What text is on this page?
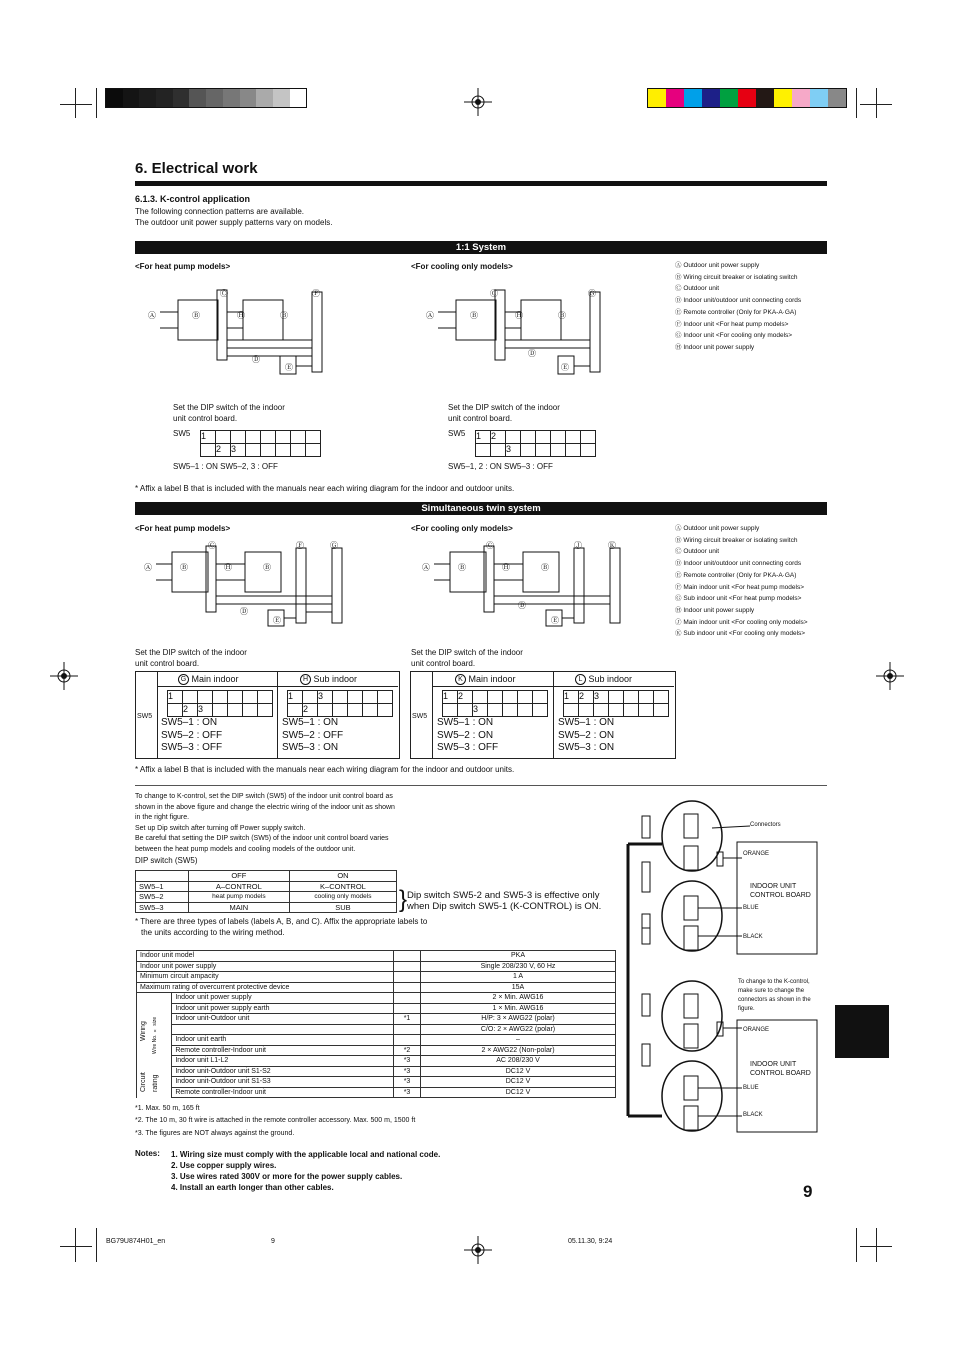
6. Electrical work
6.1.3. K-control application
The following connection patterns are available.
The outdoor unit power supply patterns vary on models.
1:1 System
<For heat pump models>	<For cooling only models>	Ⓐ Outdoor unit power supply
Ⓑ Wiring circuit breaker or isolating switch
Ⓒ Outdoor unit
Ⓓ Indoor unit/outdoor unit connecting cords
Ⓔ Remote controller (Only for PKA-A·GA)
Ⓕ Indoor unit <For heat pump models>
Ⓖ Indoor unit <For cooling only models>
Ⓗ Indoor unit power supply
Ⓐ	Ⓑ
Ⓒ
Ⓗ	Ⓑ
Ⓕ
Ⓓ
Ⓔ
Ⓐ	Ⓑ
Ⓒ
Ⓗ	Ⓑ
Ⓖ
Ⓓ
Ⓔ
Set the DIP switch of the indoor
unit control board.
SW5 1							
	2	3					
SW5–1 : ON SW5–2, 3 : OFF
Set the DIP switch of the indoor
unit control board.
SW5 1	2						
		3					
SW5–1, 2 : ON SW5–3 : OFF
* Affix a label B that is included with the manuals near each wiring diagram for the indoor and outdoor units.
Simultaneous twin system
<For heat pump models>	<For cooling only models>	Ⓐ Outdoor unit power supply
Ⓑ Wiring circuit breaker or isolating switch
Ⓒ Outdoor unit
Ⓓ Indoor unit/outdoor unit connecting cords
Ⓔ Remote controller (Only for PKA-A·GA)
Ⓕ Main indoor unit <For heat pump models>
Ⓖ Sub indoor unit <For heat pump models>
Ⓗ Indoor unit power supply
Ⓙ Main indoor unit <For cooling only models>
Ⓚ Sub indoor unit <For cooling only models>
Ⓐ	Ⓑ
Ⓒ
Ⓗ	Ⓑ
Ⓕ	Ⓖ
Ⓓ
Ⓔ
Ⓐ	Ⓑ
Ⓒ
Ⓗ	Ⓑ
Ⓙ	Ⓚ
Ⓓ
Ⓔ
Set the DIP switch of the indoor
unit control board.
Set the DIP switch of the indoor
unit control board.
SW5
G Main indoor	H Sub indoor
1						
	2	3				
1		3				
	2					
SW5–1 : ON
SW5–2 : OFF
SW5–3 : OFF
SW5–1 : ON
SW5–2 : OFF
SW5–3 : ON
SW5
K Main indoor	L Sub indoor
1	2					
		3				
1	2	3				

SW5–1 : ON
SW5–2 : ON
SW5–3 : OFF
SW5–1 : ON
SW5–2 : ON
SW5–3 : ON
* Affix a label B that is included with the manuals near each wiring diagram for the indoor and outdoor units.
To change to K-control, set the DIP switch (SW5) of the indoor unit control board as
shown in the above figure and change the electric wiring of the indoor unit as shown
in the right figure.
Set up Dip switch after turning off Power supply switch.
Be careful that setting the DIP switch (SW5) of the indoor unit control board varies
between the heat pump models and cooling models of the outdoor unit.
DIP switch (SW5)
	OFF	ON
SW5–1	A–CONTROL	K–CONTROL
SW5–2	heat pump models	cooling only models
SW5–3	MAIN	SUB } Dip switch SW5-2 and SW5-3 is effective only
when Dip switch SW5-1 (K-CONTROL) is ON.
* There are three types of labels (labels A, B, and C). Affix the appropriate labels to
the units according to the wiring method.
Indoor unit model			PKA
Indoor unit power supply			Single 208/230 V, 60 Hz
Minimum circuit ampacity			1 A
Maximum rating of overcurrent protective device			15A
	Indoor unit power supply		2 × Min. AWG16
	Indoor unit power supply earth		1 × Min. AWG16
	Indoor unit-Outdoor unit	*1	H/P: 3 × AWG22 (polar)
			C/O: 2 × AWG22 (polar)
	Indoor unit earth		–
	Remote controller-Indoor unit	*2	2 × AWG22 (Non-polar)
	Indoor unit L1-L2	*3	AC 208/230 V
	Indoor unit-Outdoor unit S1-S2	*3	DC12 V
	Indoor unit-Outdoor unit S1-S3	*3	DC12 V
	Remote controller-Indoor unit	*3	DC12 V
Wiring	Wire No. × size
Circuit rating
*1. Max. 50 m, 165 ft
*2. The 10 m, 30 ft wire is attached in the remote controller accessory. Max. 500 m, 1500 ft
*3. The figures are NOT always against the ground.
Notes: 1. Wiring size must comply with the applicable local and national code.
2. Use copper supply wires.
3. Use wires rated 300V or more for the power supply cables.
4. Install an earth longer than other cables.
Connectors
ORANGE
ORANGE
BLUE
BLUE
BLACK
BLACK
INDOOR UNIT
CONTROL BOARD
INDOOR UNIT
CONTROL BOARD
To change to the K-control,
make sure to change the
connectors as shown in the
figure.
9
BG79U874H01_en	9	05.11.30, 9:24
